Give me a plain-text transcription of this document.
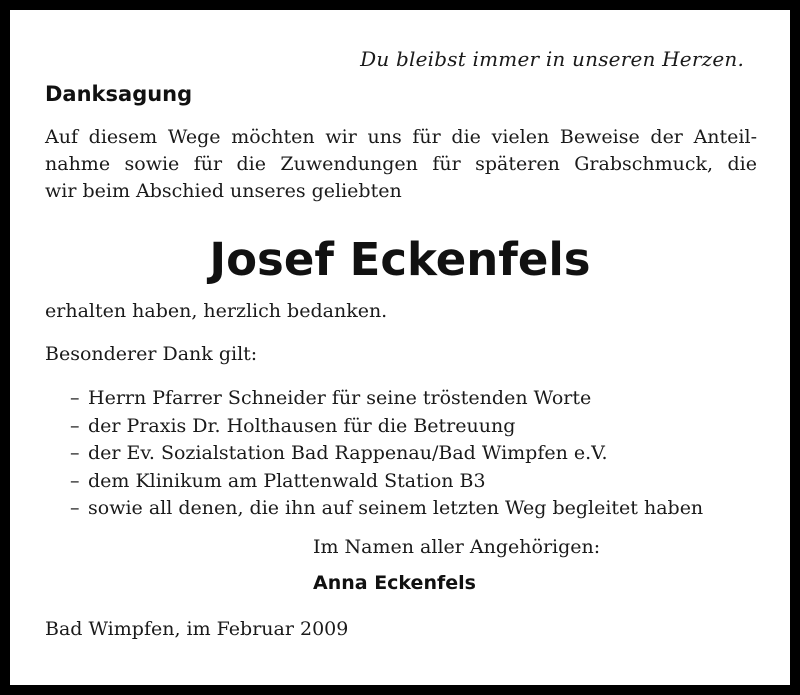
Du bleibst immer in unseren Herzen.

Danksagung
Auf diesem Wege möchten wir uns für die vielen Beweise der Anteil-
nahme sowie für die Zuwendungen für späteren Grabschmuck, die
wir beim Abschied unseres geliebten
Josef Eckenfels

erhalten haben, herzlich bedanken.

Besonderer Dank gilt:

– Herrn Pfarrer Schneider für seine tröstenden Worte
– der Praxis Dr. Holthausen für die Betreuung
– der Ev. Sozialstation Bad Rappenau/Bad Wimpfen e.V.
– dem Klinikum am Plattenwald Station B3
– sowie all denen, die ihn auf seinem letzten Weg begleitet haben

Im Namen aller Angehörigen:

Anna Eckenfels

Bad Wimpfen, im Februar 2009
